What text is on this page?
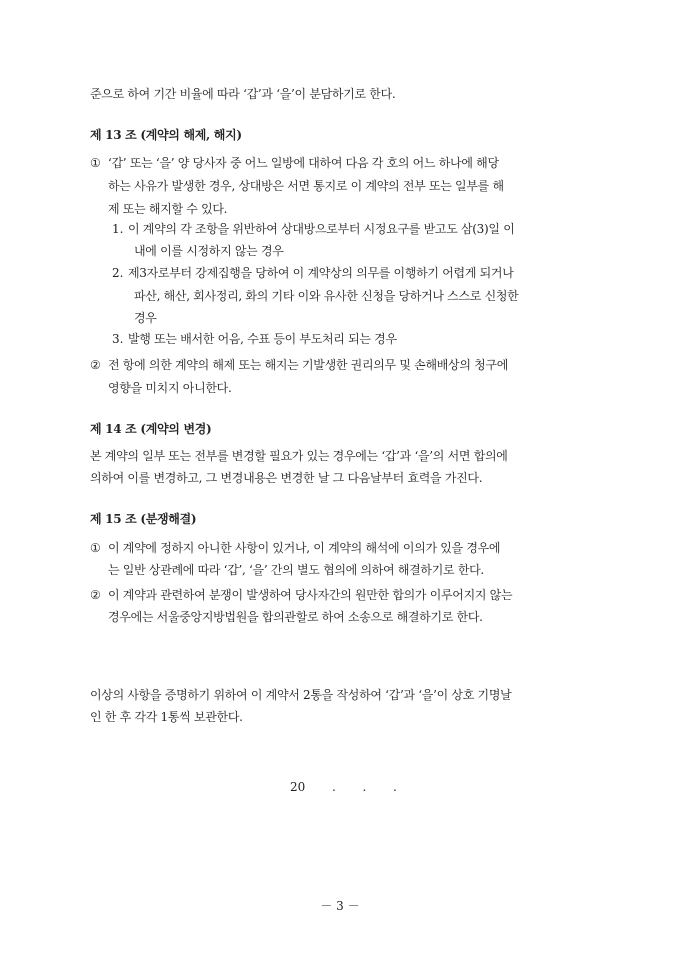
준으로 하여 기간 비율에 따라 ‘갑’과 ‘을’이 분담하기로 한다.
제 13 조 (계약의 해제, 해지)
① ‘갑’ 또는 ‘을’ 양 당사자 중 어느 일방에 대하여 다음 각 호의 어느 하나에 해당
하는 사유가 발생한 경우, 상대방은 서면 통지로 이 계약의 전부 또는 일부를 해
제 또는 해지할 수 있다.
1. 이 계약의 각 조항을 위반하여 상대방으로부터 시정요구를 받고도 삼(3)일 이
내에 이를 시정하지 않는 경우
2. 제3자로부터 강제집행을 당하여 이 계약상의 의무를 이행하기 어렵게 되거나
파산, 해산, 회사정리, 화의 기타 이와 유사한 신청을 당하거나 스스로 신청한
경우
3. 발행 또는 배서한 어음, 수표 등이 부도처리 되는 경우
② 전 항에 의한 계약의 해제 또는 해지는 기발생한 권리의무 및 손해배상의 청구에
영향을 미치지 아니한다.
제 14 조 (계약의 변경)
본 계약의 일부 또는 전부를 변경할 필요가 있는 경우에는 ‘갑’과 ‘을’의 서면 합의에
의하여 이를 변경하고, 그 변경내용은 변경한 날 그 다음날부터 효력을 가진다.
제 15 조 (분쟁해결)
① 이 계약에 정하지 아니한 사항이 있거나, 이 계약의 해석에 이의가 있을 경우에
는 일반 상관례에 따라 ‘갑’, ‘을’ 간의 별도 협의에 의하여 해결하기로 한다.
② 이 계약과 관련하여 분쟁이 발생하여 당사자간의 원만한 합의가 이루어지지 않는
경우에는 서울중앙지방법원을 합의관할로 하여 소송으로 해결하기로 한다.
이상의 사항을 증명하기 위하여 이 계약서 2통을 작성하여 ‘갑’과 ‘을’이 상호 기명날
인 한 후 각각 1통씩 보관한다.
20       .       .       .
－ 3 －
